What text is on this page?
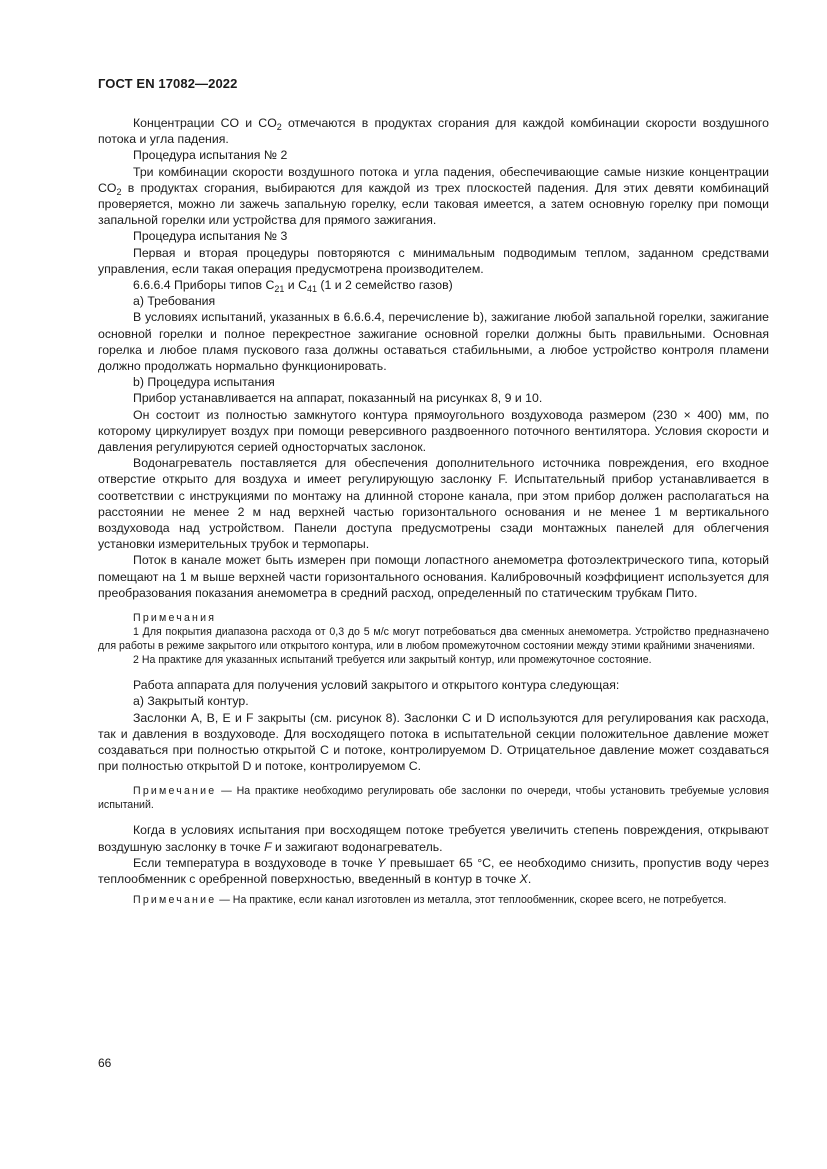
ГОСТ EN 17082—2022

Концентрации CO и $CO_2$ отмечаются в продуктах сгорания для каждой комбинации скорости воздушного потока и угла падения.

Процедура испытания № 2

Три комбинации скорости воздушного потока и угла падения, обеспечивающие самые низкие концентрации $CO_2$ в продуктах сгорания, выбираются для каждой из трех плоскостей падения. Для этих девяти комбинаций проверяется, можно ли зажечь запальную горелку, если таковая имеется, а затем основную горелку при помощи запальной горелки или устройства для прямого зажигания.

Процедура испытания № 3

Первая и вторая процедуры повторяются с минимальным подводимым теплом, заданном средствами управления, если такая операция предусмотрена производителем.

6.6.6.4 Приборы типов $C_{21}$ и $C_{41}$ (1 и 2 семейство газов)

а) Требования

В условиях испытаний, указанных в 6.6.6.4, перечисление b), зажигание любой запальной горелки, зажигание основной горелки и полное перекрестное зажигание основной горелки должны быть правильными. Основная горелка и любое пламя пускового газа должны оставаться стабильными, а любое устройство контроля пламени должно продолжать нормально функционировать.

b) Процедура испытания

Прибор устанавливается на аппарат, показанный на рисунках 8, 9 и 10.

Он состоит из полностью замкнутого контура прямоугольного воздуховода размером (230 × 400) мм, по которому циркулирует воздух при помощи реверсивного раздвоенного поточного вентилятора. Условия скорости и давления регулируются серией односторчатых заслонок.

Водонагреватель поставляется для обеспечения дополнительного источника повреждения, его входное отверстие открыто для воздуха и имеет регулирующую заслонку F. Испытательный прибор устанавливается в соответствии с инструкциями по монтажу на длинной стороне канала, при этом прибор должен располагаться на расстоянии не менее 2 м над верхней частью горизонтального основания и не менее 1 м вертикального воздуховода над устройством. Панели доступа предусмотрены сзади монтажных панелей для облегчения установки измерительных трубок и термопары.

Поток в канале может быть измерен при помощи лопастного анемометра фотоэлектрического типа, который помещают на 1 м выше верхней части горизонтального основания. Калибровочный коэффициент используется для преобразования показания анемометра в средний расход, определенный по статическим трубкам Пито.

Примечания

1 Для покрытия диапазона расхода от 0,3 до 5 м/с могут потребоваться два сменных анемометра. Устройство предназначено для работы в режиме закрытого или открытого контура, или в любом промежуточном состоянии между этими крайними значениями.

2 На практике для указанных испытаний требуется или закрытый контур, или промежуточное состояние.

Работа аппарата для получения условий закрытого и открытого контура следующая:

а) Закрытый контур.

Заслонки A, B, E и F закрыты (см. рисунок 8). Заслонки C и D используются для регулирования как расхода, так и давления в воздуховоде. Для восходящего потока в испытательной секции положительное давление может создаваться при полностью открытой C и потоке, контролируемом D. Отрицательное давление может создаваться при полностью открытой D и потоке, контролируемом C.

Примечание — На практике необходимо регулировать обе заслонки по очереди, чтобы установить требуемые условия испытаний.

Когда в условиях испытания при восходящем потоке требуется увеличить степень повреждения, открывают воздушную заслонку в точке F и зажигают водонагреватель.

Если температура в воздуховоде в точке Y превышает 65 °C, ее необходимо снизить, пропустив воду через теплообменник с оребренной поверхностью, введенный в контур в точке X.

Примечание — На практике, если канал изготовлен из металла, этот теплообменник, скорее всего, не потребуется.

66
